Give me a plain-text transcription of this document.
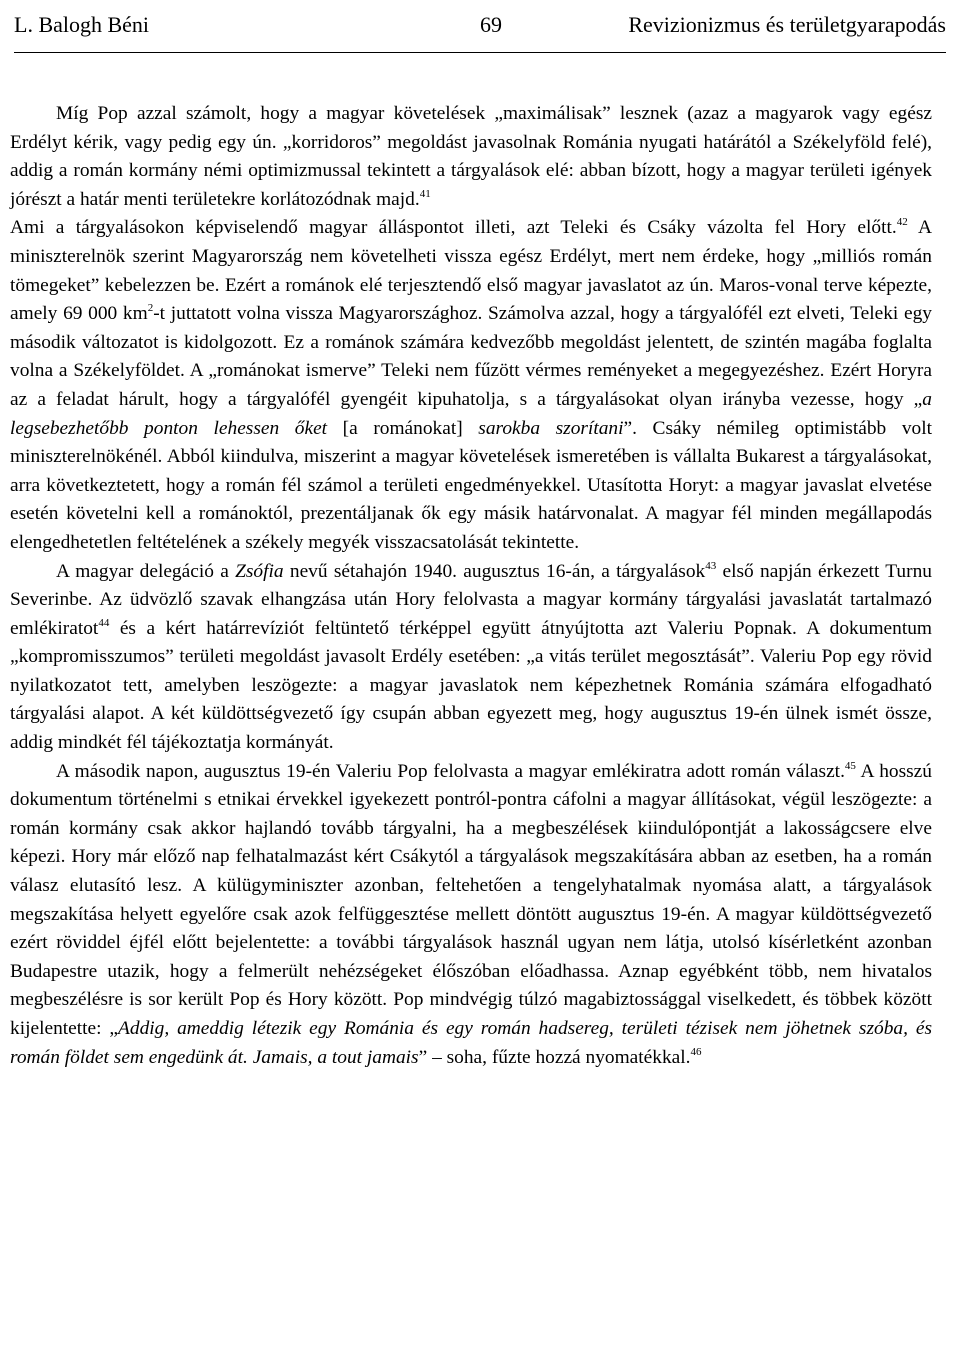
L. Balogh Béni	69	Revizionizmus és területgyarapodás

Míg Pop azzal számolt, hogy a magyar követelések „maximálisak” lesznek (azaz a magyarok vagy egész Erdélyt kérik, vagy pedig egy ún. „korridoros” megoldást javasolnak Románia nyugati határától a Székelyföld felé), addig a román kormány némi optimizmussal tekintett a tárgyalások elé: abban bízott, hogy a magyar területi igények jórészt a határ menti területekre korlátozódnak majd.$^{41}$

Ami a tárgyalásokon képviselendő magyar álláspontot illeti, azt Teleki és Csáky vázolta fel Hory előtt.$^{42}$ A miniszterelnök szerint Magyarország nem követelheti vissza egész Erdélyt, mert nem érdeke, hogy „milliós román tömegeket” kebelezzen be. Ezért a románok elé terjesztendő első magyar javaslatot az ún. Maros-vonal terve képezte, amely 69 000 $km^2-t$ juttatott volna vissza Magyarországhoz. Számolva azzal, hogy a tárgyalófél ezt elveti, Teleki egy második változatot is kidolgozott. Ez a románok számára kedvezőbb megoldást jelentett, de szintén magába foglalta volna a Székelyföldet. A „románokat ismerve” Teleki nem fűzött vérmes reményeket a megegyezéshez. Ezért Horyra az a feladat hárult, hogy a tárgyalófél gyengéit kipuhatolja, s a tárgyalásokat olyan irányba vezesse, hogy „a legsebezhetőbb ponton lehessen őket [a románokat] sarokba szorítani”. Csáky némileg optimistább volt miniszterelnökénél. Abból kiindulva, miszerint a magyar követelések ismeretében is vállalta Bukarest a tárgyalásokat, arra következtetett, hogy a román fél számol a területi engedményekkel. Utasította Horyt: a magyar javaslat elvetése esetén követelni kell a románoktól, prezentáljanak ők egy másik határvonalat. A magyar fél minden megállapodás elengedhetetlen feltételének a székely megyék visszacsatolását tekintette.

A magyar delegáció a Zsófia nevű sétahajón 1940. augusztus 16-án, a tárgyalások$^{43}$ első napján érkezett Turnu Severinbe. Az üdvözlő szavak elhangzása után Hory felolvasta a magyar kormány tárgyalási javaslatát tartalmazó emlékiratot$^{44}$ és a kért határrevíziót feltüntető térképpel együtt átnyújtotta azt Valeriu Popnak. A dokumentum „kompromisszumos” területi megoldást javasolt Erdély esetében: „a vitás terület megosztását”. Valeriu Pop egy rövid nyilatkozatot tett, amelyben leszögezte: a magyar javaslatok nem képezhetnek Románia számára elfogadható tárgyalási alapot. A két küldöttségvezető így csupán abban egyezett meg, hogy augusztus 19-én ülnek ismét össze, addig mindkét fél tájékoztatja kormányát.

A második napon, augusztus 19-én Valeriu Pop felolvasta a magyar emlékiratra adott román választ.$^{45}$ A hosszú dokumentum történelmi s etnikai érvekkel igyekezett pontról-pontra cáfolni a magyar állításokat, végül leszögezte: a román kormány csak akkor hajlandó tovább tárgyalni, ha a megbeszélések kiindulópontját a lakosságcsere elve képezi. Hory már előző nap felhatalmazást kért Csákytól a tárgyalások megszakítására abban az esetben, ha a román válasz elutasító lesz. A külügyminiszter azonban, feltehetően a tengelyhatalmak nyomása alatt, a tárgyalások megszakítása helyett egyelőre csak azok felfüggesztése mellett döntött augusztus 19-én. A magyar küldöttségvezető ezért röviddel éjfél előtt bejelentette: a további tárgyalások használ ugyan nem látja, utolsó kísérletként azonban Budapestre utazik, hogy a felmerült nehézségeket élőszóban előadhassa. Aznap egyébként több, nem hivatalos megbeszélésre is sor került Pop és Hory között. Pop mindvégig túlzó magabiztossággal viselkedett, és többek között kijelentette: „Addig, ameddig létezik egy Románia és egy román hadsereg, területi tézisek nem jöhetnek szóba, és román földet sem engedünk át. Jamais, a tout jamais” – soha, fűzte hozzá nyomatékkal.$^{46}$
